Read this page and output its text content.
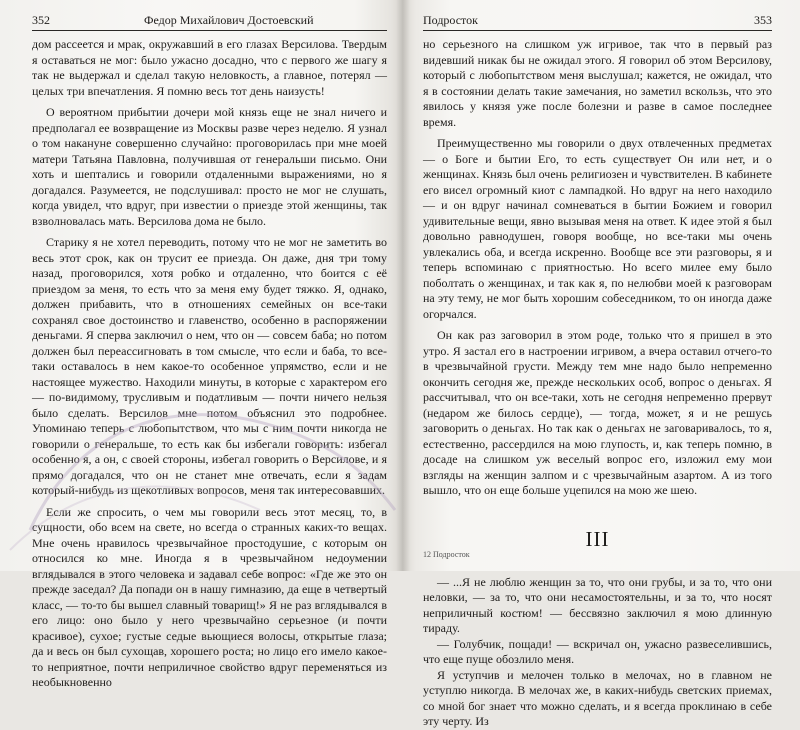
352	Федор Михайлович Достоевский

дом рассеется и мрак, окружавший в его глазах Версилова. Твердым я оставаться не мог: было ужасно досадно, что с первого же шагу я так не выдержал и сделал такую неловкость, а главное, потерял — целых три впечатления. Я помню весь тот день наизусть!

О вероятном прибытии дочери мой князь еще не знал ничего и предполагал ее возвращение из Москвы разве через неделю. Я узнал о том накануне совершенно случайно: проговорилась при мне моей матери Татьяна Павловна, получившая от генеральши письмо. Они хоть и шептались и говорили отдаленными выражениями, но я догадался. Разумеется, не подслушивал: просто не мог не слушать, когда увидел, что вдруг, при известии о приезде этой женщины, так взволновалась мать. Версилова дома не было.

Старику я не хотел переводить, потому что не мог не заметить во весь этот срок, как он трусит ее приезда. Он даже, дня три тому назад, проговорился, хотя робко и отдаленно, что боится с её приездом за меня, то есть что за меня ему будет тяжко. Я, однако, должен прибавить, что в отношениях семейных он все-таки сохранял свое достоинство и главенство, особенно в распоряжении деньгами. Я сперва заключил о нем, что он — совсем баба; но потом должен был переассигновать в том смысле, что если и баба, то все-таки оставалось в нем какое-то особенное упрямство, если и не настоящее мужество. Находили минуты, в которые с характером его — по-видимому, трусливым и податливым — почти ничего нельзя было сделать. Версилов мне потом объяснил это подробнее. Упоминаю теперь с любопытством, что мы с ним почти никогда не говорили о генеральше, то есть как бы избегали говорить: избегал особенно я, а он, с своей стороны, избегал говорить о Версилове, и я прямо догадался, что он не станет мне отвечать, если я задам который-нибудь из щекотливых вопросов, меня так интересовавших.

Если же спросить, о чем мы говорили весь этот месяц, то, в сущности, обо всем на свете, но всегда о странных каких-то вещах. Мне очень нравилось чрезвычайное простодушие, с которым он относился ко мне. Иногда я в чрезвычайном недоумении вглядывался в этого человека и задавал себе вопрос: «Где же это он прежде заседал? Да попади он в нашу гимназию, да еще в четвертый класс, — то-то бы вышел славный товарищ!» Я не раз вглядывался в его лицо: оно было у него чрезвычайно серьезное (и почти красивое), сухое; густые седые вьющиеся волосы, открытые глаза; да и весь он был сухощав, хорошего роста; но лицо его имело какое-то неприятное, почти неприличное свойство вдруг переменяться из необыкновенно

Подросток	353

но серьезного на слишком уж игривое, так что в первый раз видевший никак бы не ожидал этого. Я говорил об этом Версилову, который с любопытством меня выслушал; кажется, не ожидал, что я в состоянии делать такие замечания, но заметил вскользь, что это явилось у князя уже после болезни и разве в самое последнее время.

Преимущественно мы говорили о двух отвлеченных предметах — о Боге и бытии Его, то есть существует Он или нет, и о женщинах. Князь был очень религиозен и чувствителен. В кабинете его висел огромный киот с лампадкой. Но вдруг на него находило — и он вдруг начинал сомневаться в бытии Божием и говорил удивительные вещи, явно вызывая меня на ответ. К идее этой я был довольно равнодушен, говоря вообще, но все-таки мы очень увлекались оба, и всегда искренно. Вообще все эти разговоры, я и теперь вспоминаю с приятностью. Но всего милее ему было поболтать о женщинах, и так как я, по нелюбви моей к разговорам на эту тему, не мог быть хорошим собеседником, то он иногда даже огорчался.

Он как раз заговорил в этом роде, только что я пришел в это утро. Я застал его в настроении игривом, а вчера оставил отчего-то в чрезвычайной грусти. Между тем мне надо было непременно окончить сегодня же, прежде нескольких особ, вопрос о деньгах. Я рассчитывал, что он все-таки, хоть не сегодня непременно прервут (недаром же билось сердце), — тогда, может, я и не решусь заговорить о деньгах. Но так как о деньгах не заговаривалось, то я, естественно, рассердился на мою глупость, и, как теперь помню, в досаде на слишком уж веселый вопрос его, изложил ему мои взгляды на женщин залпом и с чрезвычайным азартом. А из того вышло, что он еще больше уцепился на мою же шею.

III

— ...Я не люблю женщин за то, что они грубы, и за то, что они неловки, — за то, что они несамостоятельны, и за то, что носят неприличный костюм! — бессвязно заключил я мою длинную тираду.

— Голубчик, пощади! — вскричал он, ужасно развеселившись, что еще пуще обозлило меня.

Я уступчив и мелочен только в мелочах, но в главном не уступлю никогда. В мелочах же, в каких-нибудь светских приемах, со мной бог знает что можно сделать, и я всегда проклинаю в себе эту черту. Из

12 Подросток
